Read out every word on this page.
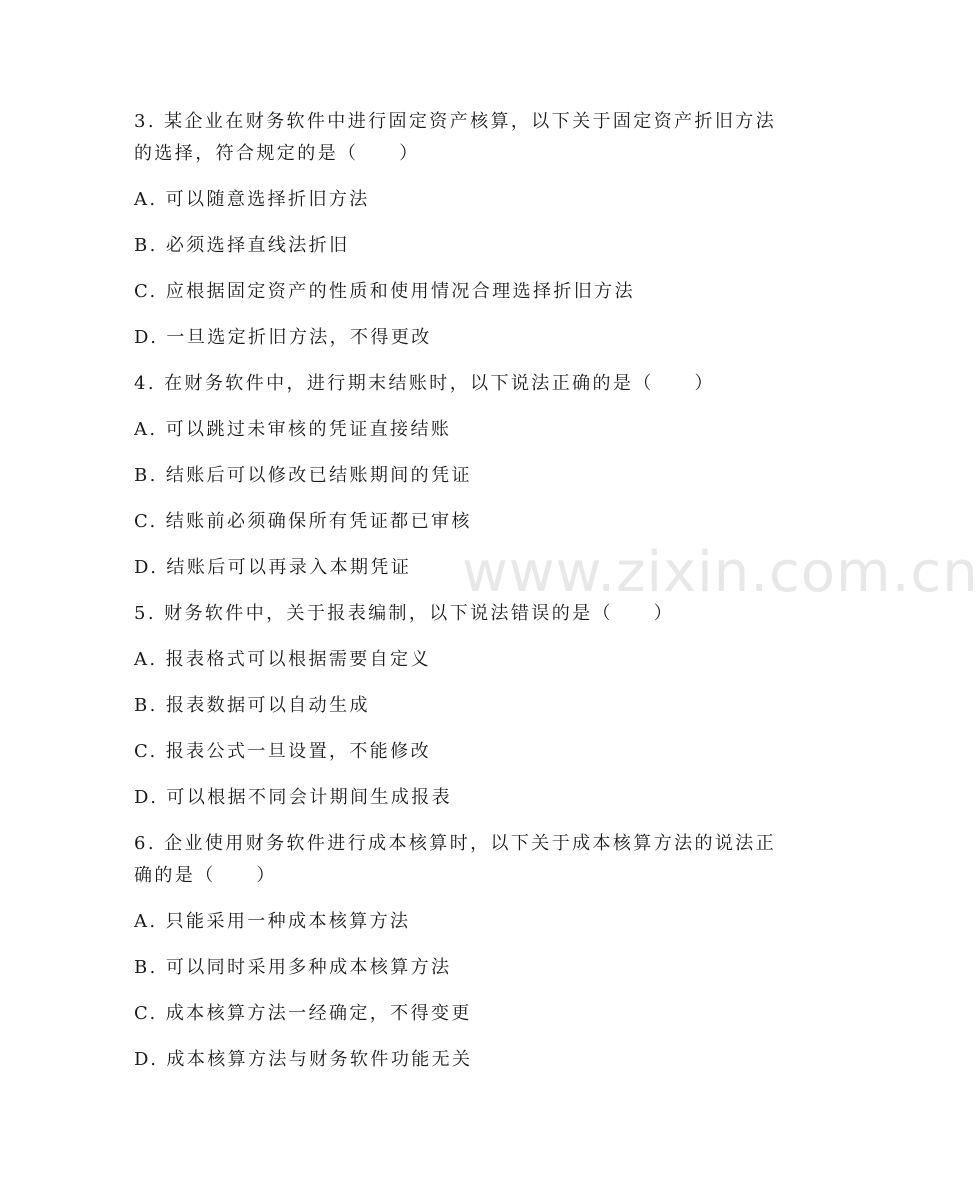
3. 某企业在财务软件中进行固定资产核算，以下关于固定资产折旧方法的选择，符合规定的是（　　）
A. 可以随意选择折旧方法
B. 必须选择直线法折旧
C. 应根据固定资产的性质和使用情况合理选择折旧方法
D. 一旦选定折旧方法，不得更改
4. 在财务软件中，进行期末结账时，以下说法正确的是（　　）
A. 可以跳过未审核的凭证直接结账
B. 结账后可以修改已结账期间的凭证
C. 结账前必须确保所有凭证都已审核
D. 结账后可以再录入本期凭证
5. 财务软件中，关于报表编制，以下说法错误的是（　　）
A. 报表格式可以根据需要自定义
B. 报表数据可以自动生成
C. 报表公式一旦设置，不能修改
D. 可以根据不同会计期间生成报表
6. 企业使用财务软件进行成本核算时，以下关于成本核算方法的说法正确的是（　　）
A. 只能采用一种成本核算方法
B. 可以同时采用多种成本核算方法
C. 成本核算方法一经确定，不得变更
D. 成本核算方法与财务软件功能无关
www.zixin.com.cn
